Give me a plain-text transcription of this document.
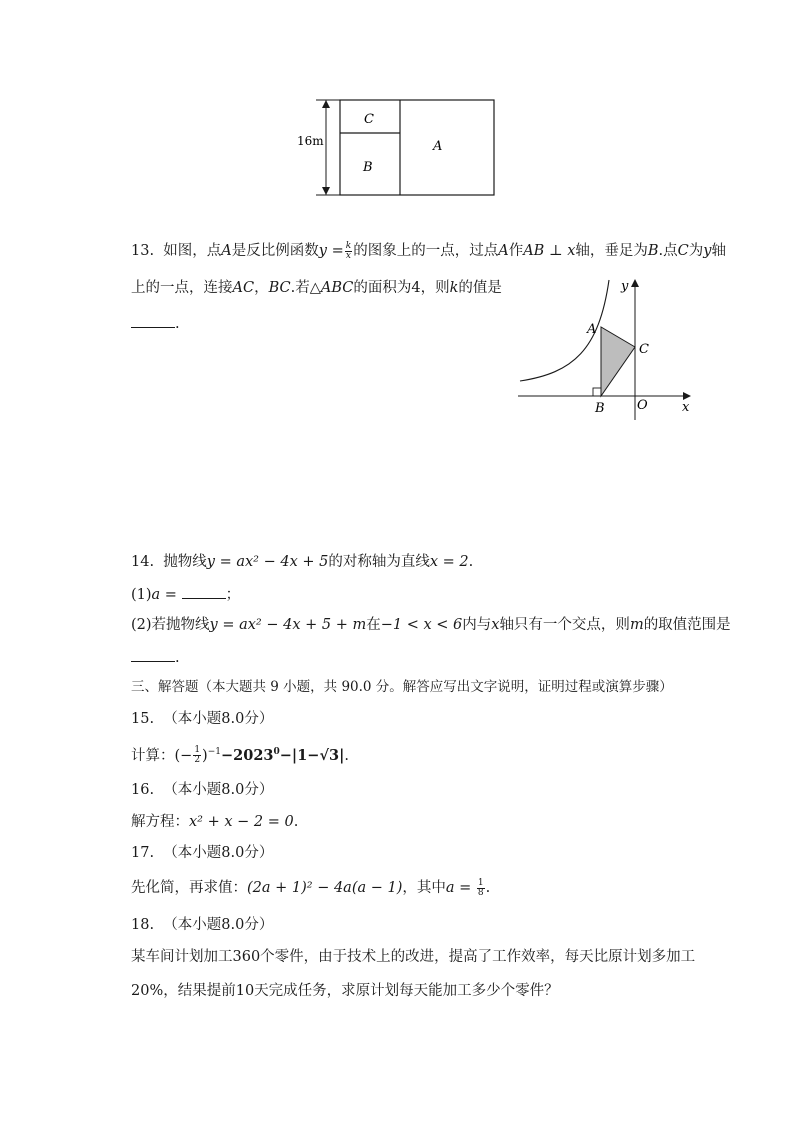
16m
C
B
A
13. 如图，点A是反比例函数$y = \frac{k}{x}$ 的图象上的一点，过点A作AB ⊥ x轴，垂足为B.点C为y轴
上的一点，连接AC，BC.若△ABC的面积为4，则k的值是
.
y
x
A
B
C
O
14. 抛物线y = ax² − 4x + 5的对称轴为直线x = 2.
(1)a =	；
(2)若抛物线y = ax² − 4x + 5 + m在−1 < x < 6内与x轴只有一个交点，则m的取值范围是
.
三、解答题（本大题共 9 小题，共 90.0 分。解答应写出文字说明，证明过程或演算步骤）
15. （本小题8.0分）
计算：(− $\frac{1}{2} )^{-1}-2023^0-|1-√3|$.
16. （本小题8.0分）
解方程：x² + x − 2 = 0.
17. （本小题8.0分）
先化简，再求值：(2a + 1)² − 4a(a − 1)，其中$a = \frac{1}{8}$ .
18. （本小题8.0分）
某车间计划加工360个零件，由于技术上的改进，提高了工作效率，每天比原计划多加工
20%，结果提前10天完成任务，求原计划每天能加工多少个零件？
